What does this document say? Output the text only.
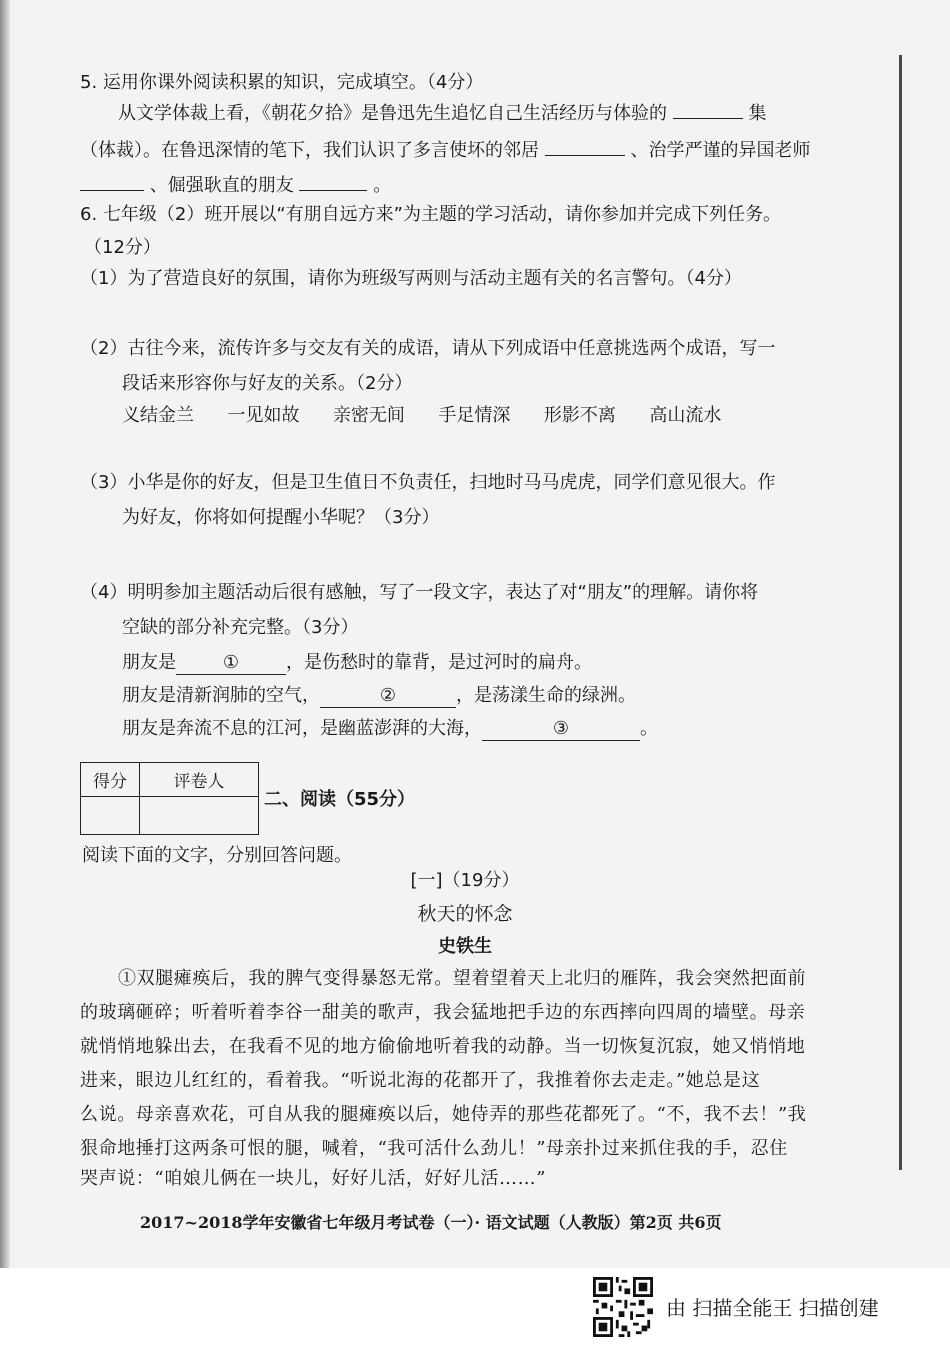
5. 运用你课外阅读积累的知识，完成填空。（4分）
从文学体裁上看，《朝花夕拾》是鲁迅先生追忆自己生活经历与体验的	集
（体裁）。在鲁迅深情的笔下，我们认识了多言使坏的邻居	、治学严谨的异国老师
、倔强耿直的朋友	。
6. 七年级（2）班开展以“有朋自远方来”为主题的学习活动，请你参加并完成下列任务。
（12分）
（1）为了营造良好的氛围，请你为班级写两则与活动主题有关的名言警句。（4分）
（2）古往今来，流传许多与交友有关的成语，请从下列成语中任意挑选两个成语，写一
段话来形容你与好友的关系。（2分）
义结金兰 一见如故 亲密无间 手足情深 形影不离 高山流水
（3）小华是你的好友，但是卫生值日不负责任，扫地时马马虎虎，同学们意见很大。作
为好友，你将如何提醒小华呢？（3分）
（4）明明参加主题活动后很有感触，写了一段文字，表达了对“朋友”的理解。请你将
空缺的部分补充完整。（3分）
朋友是	①	，是伤愁时的靠背，是过河时的扁舟。
朋友是清新润肺的空气，	②	，是荡漾生命的绿洲。
朋友是奔流不息的江河，是幽蓝澎湃的大海，	③	。
得分	评卷人

二、阅读（55分）
阅读下面的文字，分别回答问题。
[一]（19分）
秋天的怀念
史铁生
①双腿瘫痪后，我的脾气变得暴怒无常。望着望着天上北归的雁阵，我会突然把面前
的玻璃砸碎；听着听着李谷一甜美的歌声，我会猛地把手边的东西摔向四周的墙壁。母亲
就悄悄地躲出去，在我看不见的地方偷偷地听着我的动静。当一切恢复沉寂，她又悄悄地
进来，眼边儿红红的，看着我。“听说北海的花都开了，我推着你去走走。”她总是这
么说。母亲喜欢花，可自从我的腿瘫痪以后，她侍弄的那些花都死了。“不，我不去！”我
狠命地捶打这两条可恨的腿，喊着，“我可活什么劲儿！”母亲扑过来抓住我的手，忍住
哭声说：“咱娘儿俩在一块儿，好好儿活，好好儿活……”
2017~2018学年安徽省七年级月考试卷（一）· 语文试题（人教版）第2页 共6页
由 扫描全能王 扫描创建
